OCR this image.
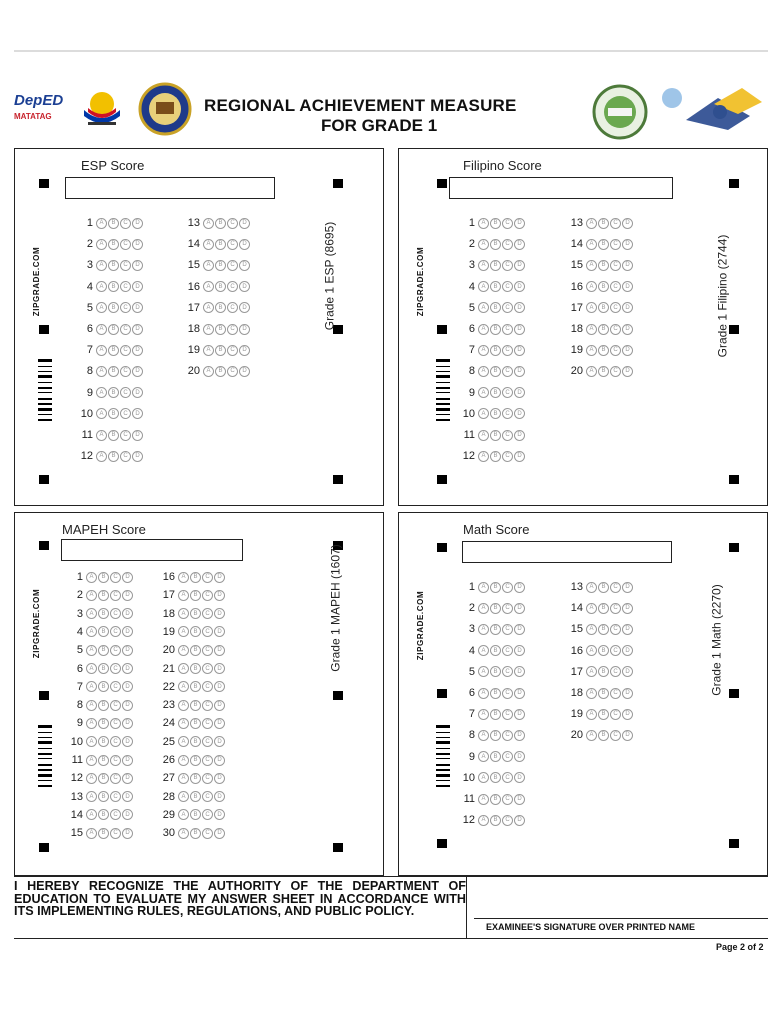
DepED
MATATAG
REGIONAL ACHIEVEMENT MEASURE
FOR GRADE 1
ESP Score
ZIPGRADE.COM	Grade 1 ESP (8695)
1	A	B	C	D
2	A	B	C	D
3	A	B	C	D
4	A	B	C	D
5	A	B	C	D
6	A	B	C	D
7	A	B	C	D
8	A	B	C	D
9	A	B	C	D
10	A	B	C	D
11	A	B	C	D
12	A	B	C	D
13	A	B	C	D
14	A	B	C	D
15	A	B	C	D
16	A	B	C	D
17	A	B	C	D
18	A	B	C	D
19	A	B	C	D
20	A	B	C	D
Filipino Score
ZIPGRADE.COM	Grade 1 Filipino (2744)
1	A	B	C	D
2	A	B	C	D
3	A	B	C	D
4	A	B	C	D
5	A	B	C	D
6	A	B	C	D
7	A	B	C	D
8	A	B	C	D
9	A	B	C	D
10	A	B	C	D
11	A	B	C	D
12	A	B	C	D
13	A	B	C	D
14	A	B	C	D
15	A	B	C	D
16	A	B	C	D
17	A	B	C	D
18	A	B	C	D
19	A	B	C	D
20	A	B	C	D
MAPEH Score
ZIPGRADE.COM	Grade 1 MAPEH (1607)
1	A	B	C	D
2	A	B	C	D
3	A	B	C	D
4	A	B	C	D
5	A	B	C	D
6	A	B	C	D
7	A	B	C	D
8	A	B	C	D
9	A	B	C	D
10	A	B	C	D
11	A	B	C	D
12	A	B	C	D
13	A	B	C	D
14	A	B	C	D
15	A	B	C	D
16	A	B	C	D
17	A	B	C	D
18	A	B	C	D
19	A	B	C	D
20	A	B	C	D
21	A	B	C	D
22	A	B	C	D
23	A	B	C	D
24	A	B	C	D
25	A	B	C	D
26	A	B	C	D
27	A	B	C	D
28	A	B	C	D
29	A	B	C	D
30	A	B	C	D
Math Score
ZIPGRADE.COM	Grade 1 Math (2270)
1	A	B	C	D
2	A	B	C	D
3	A	B	C	D
4	A	B	C	D
5	A	B	C	D
6	A	B	C	D
7	A	B	C	D
8	A	B	C	D
9	A	B	C	D
10	A	B	C	D
11	A	B	C	D
12	A	B	C	D
13	A	B	C	D
14	A	B	C	D
15	A	B	C	D
16	A	B	C	D
17	A	B	C	D
18	A	B	C	D
19	A	B	C	D
20	A	B	C	D
I HEREBY RECOGNIZE THE AUTHORITY OF THE DEPARTMENT OF EDUCATION TO EVALUATE MY ANSWER SHEET IN ACCORDANCE WITH ITS IMPLEMENTING RULES, REGULATIONS, AND PUBLIC POLICY.
EXAMINEE'S SIGNATURE OVER PRINTED NAME
Page 2 of 2
